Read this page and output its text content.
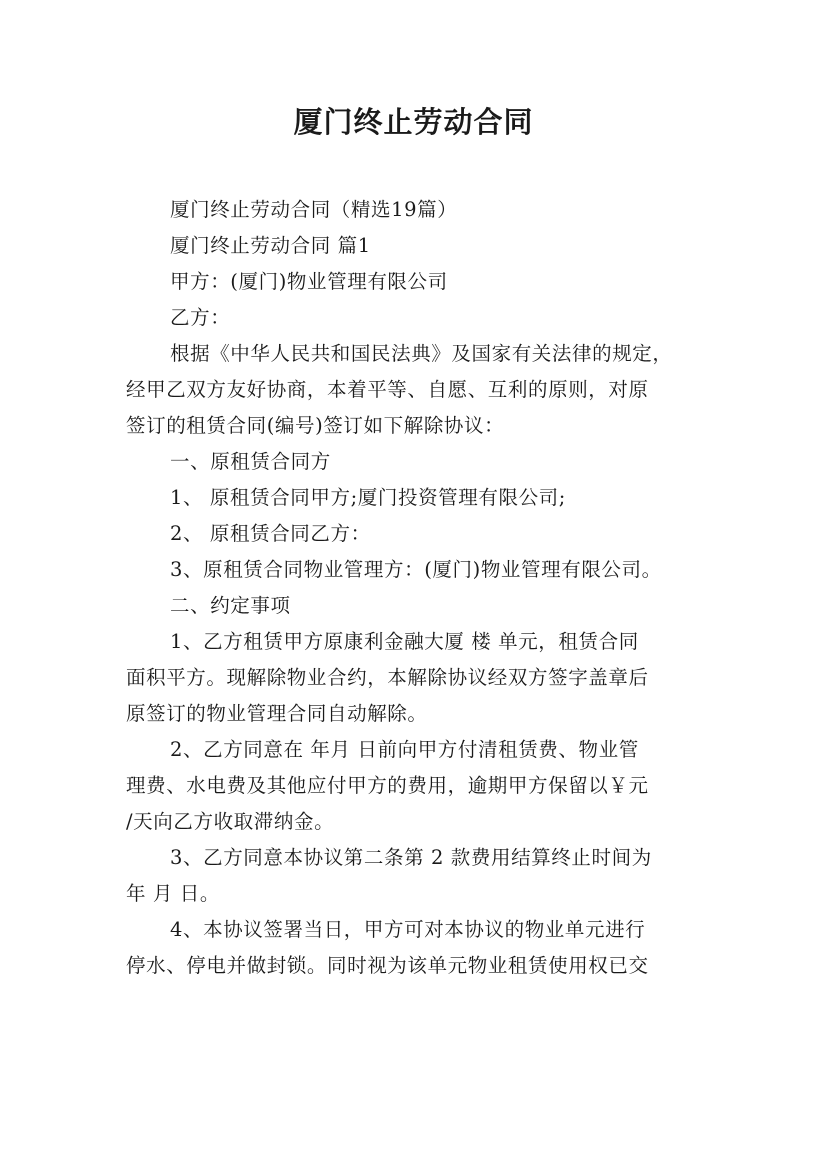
厦门终止劳动合同
厦门终止劳动合同（精选19篇）
厦门终止劳动合同 篇1
甲方：(厦门)物业管理有限公司
乙方：
根据《中华人民共和国民法典》及国家有关法律的规定，
经甲乙双方友好协商，本着平等、自愿、互利的原则，对原
签订的租赁合同(编号)签订如下解除协议：
一、原租赁合同方
1、 原租赁合同甲方;厦门投资管理有限公司;
2、 原租赁合同乙方：
3、原租赁合同物业管理方：(厦门)物业管理有限公司。
二、约定事项
1、乙方租赁甲方原康利金融大厦 楼 单元，租赁合同
面积平方。现解除物业合约，本解除协议经双方签字盖章后
原签订的物业管理合同自动解除。
2、乙方同意在 年月 日前向甲方付清租赁费、物业管
理费、水电费及其他应付甲方的费用，逾期甲方保留以￥元
/天向乙方收取滞纳金。
3、乙方同意本协议第二条第 2 款费用结算终止时间为
年 月 日。
4、本协议签署当日，甲方可对本协议的物业单元进行
停水、停电并做封锁。同时视为该单元物业租赁使用权已交
